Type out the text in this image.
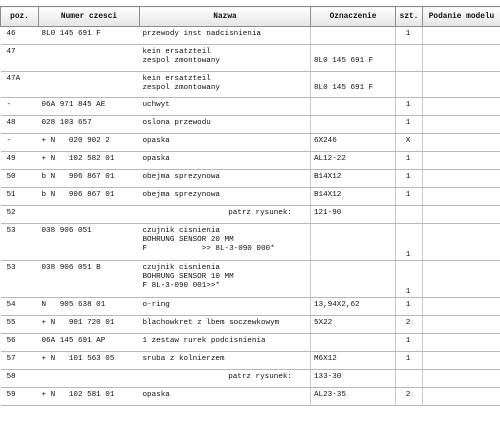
poz.	Numer czesci	Nazwa	Oznaczenie	szt.	Podanie modelu

46	8L0 145 691 F	przewody inst nadcisnienia		1	

47		kein ersatzteil
zespol zmontowany	8L0 145 691 F		

47A		kein ersatzteil
zespol zmontowany	8L0 145 691 F		

-	06A 971 845 AE	uchwyt		1	

48	028 103 657	oslona przewodu		1	

-	+ N   020 902 2	opaska	6X246	X	

49	+ N   102 582 01	opaska	AL12-22	1	

50	b N   906 867 01	obejma sprezynowa	B14X12	1	

51	b N   906 867 01	obejma sprezynowa	B14X12	1	

52		patrz rysunek:	121-90		

53	038 906 051	czujnik cisnienia
BOHRUNG SENSOR 20 MM
F            >> 8L-3-090 000*		1	

53	038 906 051 B	czujnik cisnienia
BOHRUNG SENSOR 10 MM
F 8L-3-090 001>>*		1	

54	N   905 638 01	o-ring	13,94X2,62	1	

55	+ N   901 720 01	blachowkret z lbem soczewkowym	5X22	2	

56	06A 145 691 AP	1 zestaw rurek podcisnienia		1	

57	+ N   101 563 05	sruba z kolnierzem	M6X12	1	

58		patrz rysunek:	133-30		

59	+ N   102 581 01	opaska	AL23-35	2	
